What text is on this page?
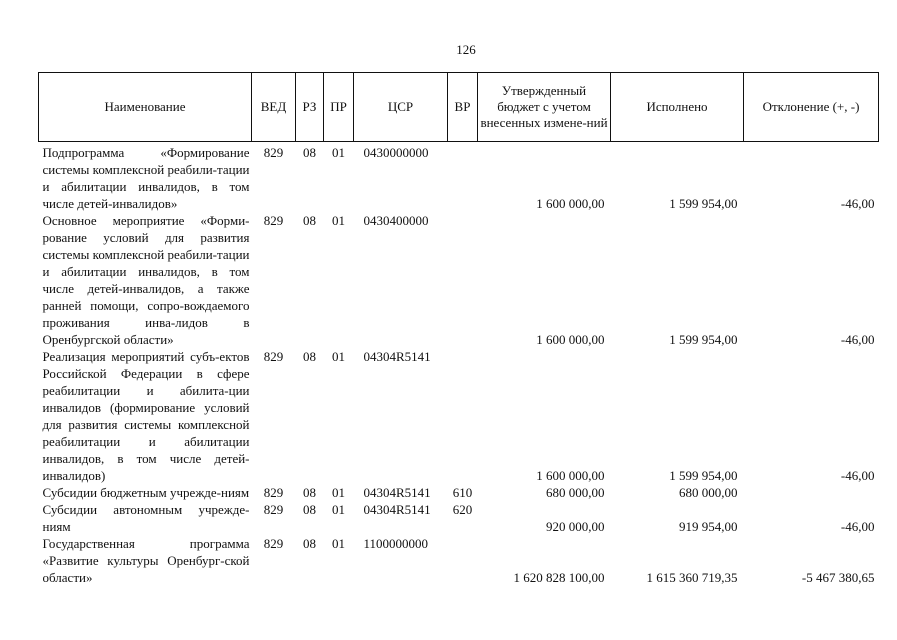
126
Наименование	ВЕД	РЗ	ПР	ЦСР	ВР	Утвержденный бюджет с учетом внесенных измене-ний	Исполнено	Отклонение (+, -)

Подпрограмма «Формирование системы комплексной реабили-тации и абилитации инвалидов, в том числе детей-инвалидов»	829	08	01	0430000000		1 600 000,00	1 599 954,00	-46,00
Основное мероприятие «Форми-рование условий для развития системы комплексной реабили-тации и абилитации инвалидов, в том числе детей-инвалидов, а также ранней помощи, сопро-вождаемого проживания инва-лидов в Оренбургской области»	829	08	01	0430400000		1 600 000,00	1 599 954,00	-46,00
Реализация мероприятий субъ-ектов Российской Федерации в сфере реабилитации и абилита-ции инвалидов (формирование условий для развития системы комплексной реабилитации и абилитации инвалидов, в том числе детей-инвалидов)	829	08	01	04304R5141		1 600 000,00	1 599 954,00	-46,00
Субсидии бюджетным учрежде-ниям	829	08	01	04304R5141	610	680 000,00	680 000,00	
Субсидии автономным учрежде-ниям	829	08	01	04304R5141	620	920 000,00	919 954,00	-46,00
Государственная программа «Развитие культуры Оренбург-ской области»	829	08	01	1100000000		1 620 828 100,00	1 615 360 719,35	-5 467 380,65
